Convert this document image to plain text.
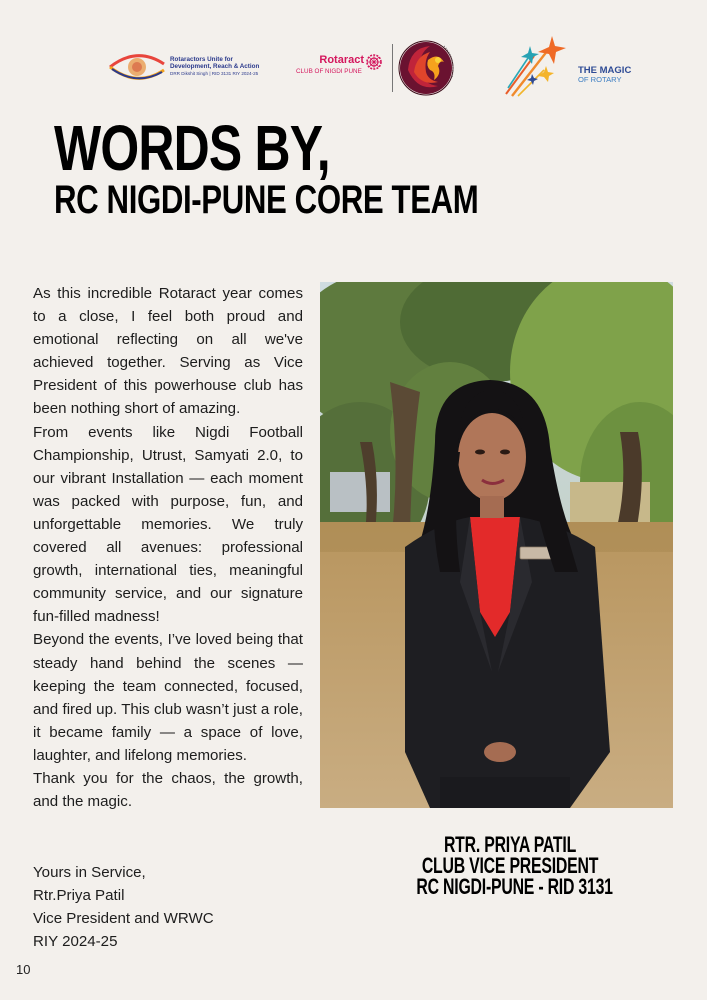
Rotaractors Unite for
Development, Reach & Action
DRR Dikshit Singh | RID 3131 RIY 2024-25
Rotaract
CLUB OF NIGDI PUNE	THE MAGIC
OF ROTARY
WORDS BY,
RC NIGDI-PUNE CORE TEAM

As this incredible Rotaract year comes to a close, I feel both proud and emotional reflecting on all we've achieved together. Serving as Vice President of this powerhouse club has been nothing short of amazing.

From events like Nigdi Football Championship, Utrust, Samyati 2.0, to our vibrant Installation — each moment was packed with purpose, fun, and unforgettable memories. We truly covered all avenues: professional growth, international ties, meaningful community service, and our signature fun-filled madness!

Beyond the events, I’ve loved being that steady hand behind the scenes — keeping the team connected, focused, and fired up. This club wasn’t just a role, it became family — a space of love, laughter, and lifelong memories.

Thank you for the chaos, the growth, and the magic.

Yours in Service,
Rtr.Priya Patil
Vice President and WRWC
RIY 2024-25
10
RTR. PRIYA PATIL
CLUB VICE PRESIDENT
RC NIGDI-PUNE - RID 3131
